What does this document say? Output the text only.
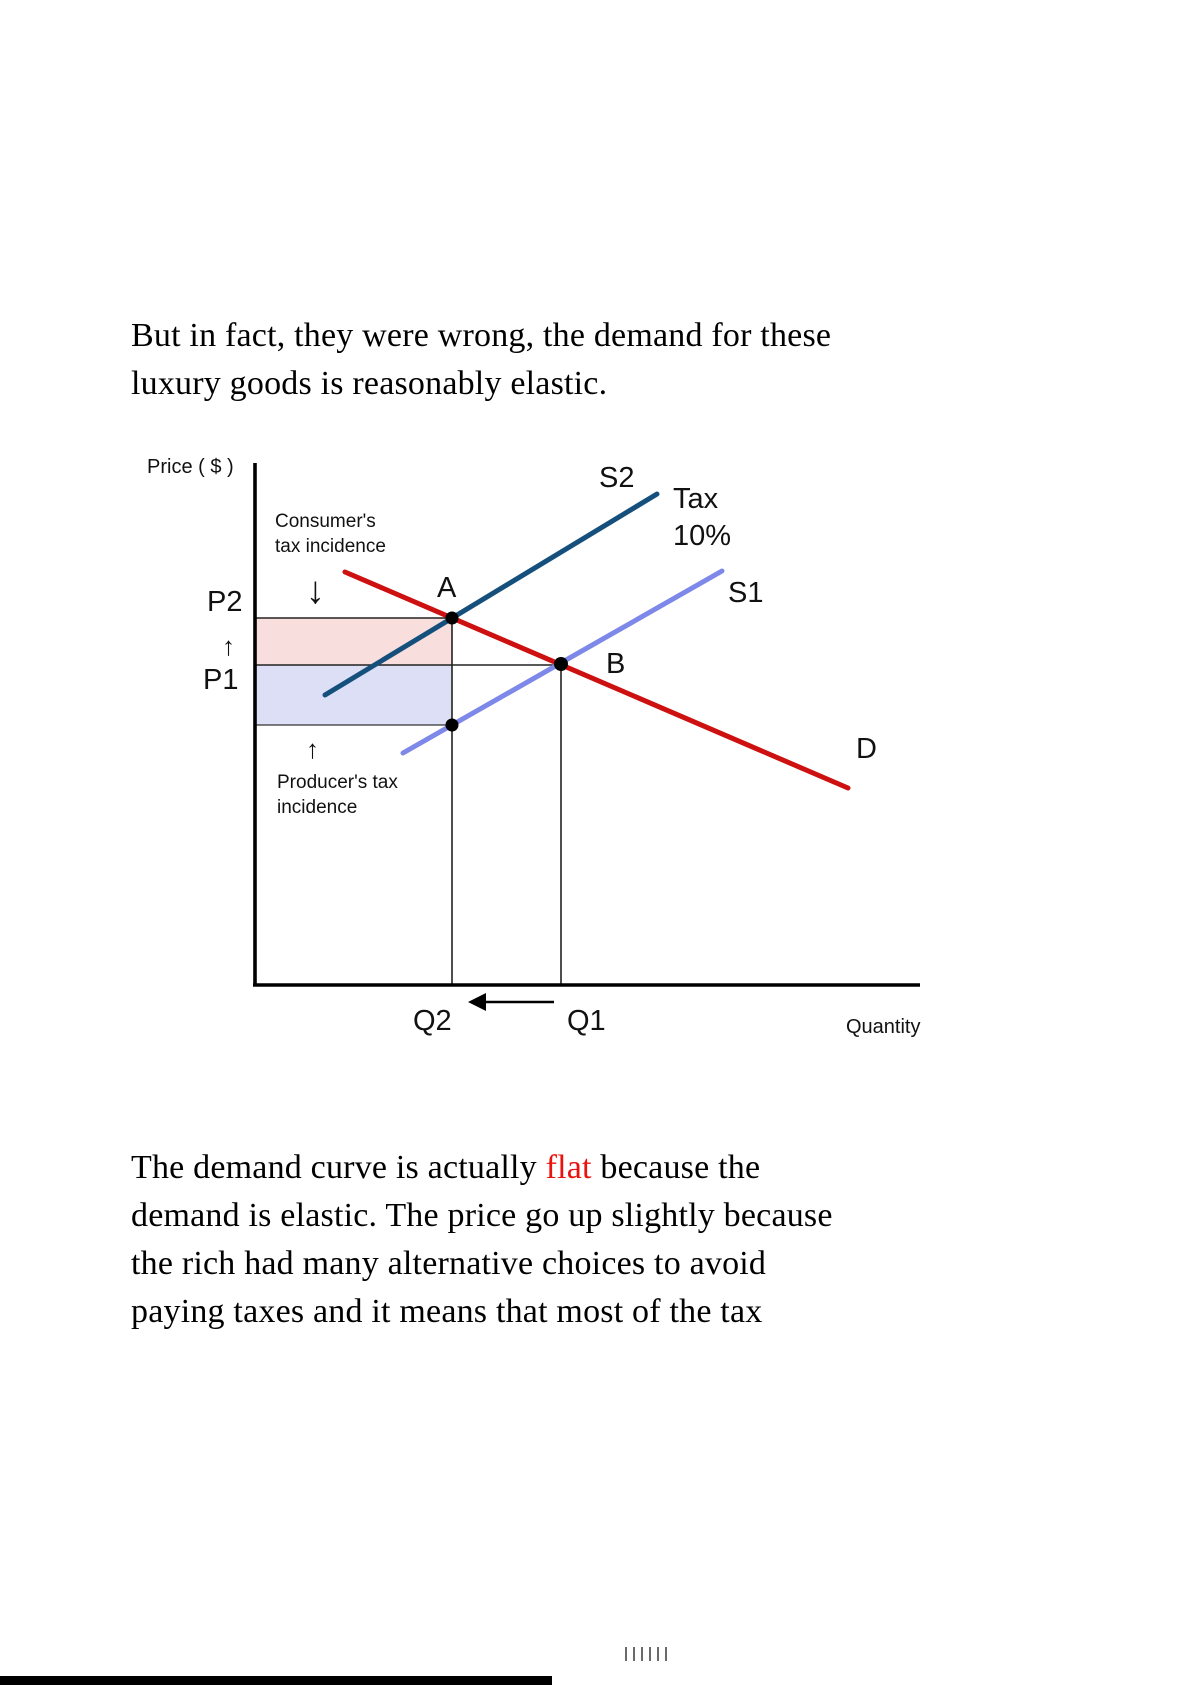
But in fact, they were wrong, the demand for these
luxury goods is reasonably elastic.

Price ( $ )
Quantity
S2
Tax
10%
S1
D
A
B
P2
P1
↑
Q2	Q1
Consumer's
tax incidence
↓
↑
Producer's tax
incidence

The demand curve is actually flat because the
demand is elastic. The price go up slightly because
the rich had many alternative choices to avoid
paying taxes and it means that most of the tax
